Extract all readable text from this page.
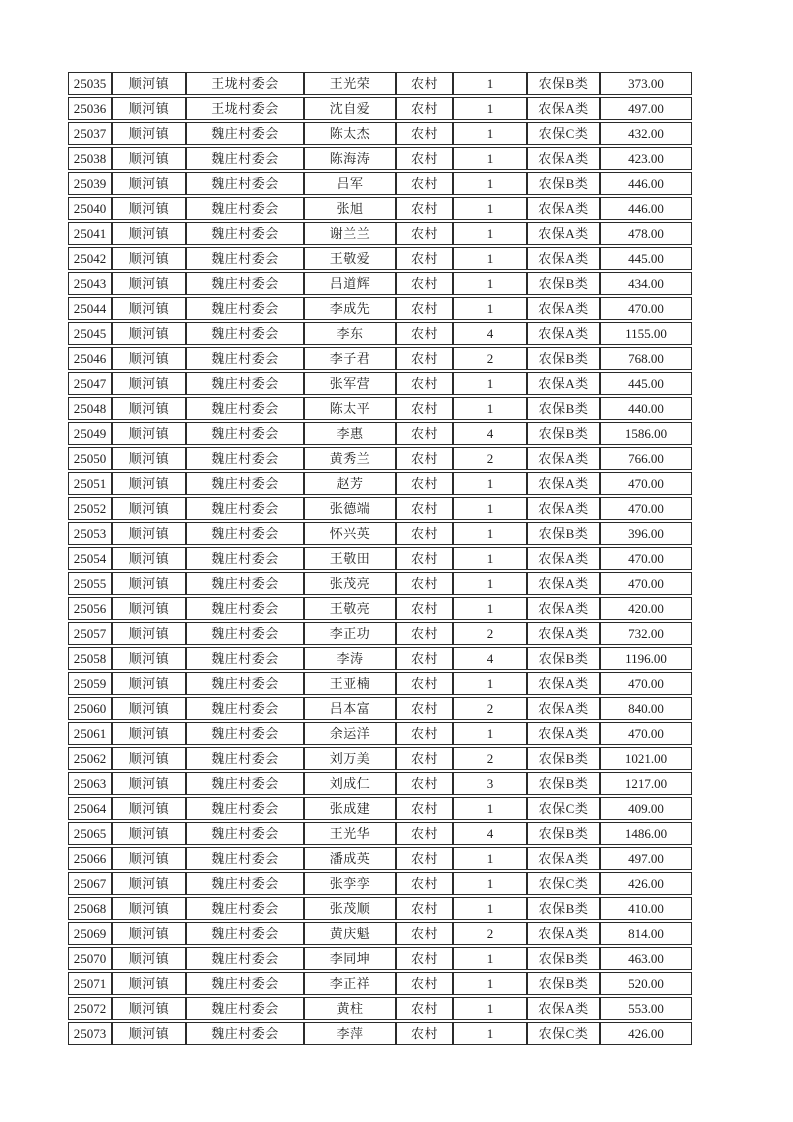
25035	顺河镇	王垅村委会	王光荣	农村	1	农保B类	373.00
25036	顺河镇	王垅村委会	沈自爱	农村	1	农保A类	497.00
25037	顺河镇	魏庄村委会	陈太杰	农村	1	农保C类	432.00
25038	顺河镇	魏庄村委会	陈海涛	农村	1	农保A类	423.00
25039	顺河镇	魏庄村委会	吕军	农村	1	农保B类	446.00
25040	顺河镇	魏庄村委会	张旭	农村	1	农保A类	446.00
25041	顺河镇	魏庄村委会	谢兰兰	农村	1	农保A类	478.00
25042	顺河镇	魏庄村委会	王敬爱	农村	1	农保A类	445.00
25043	顺河镇	魏庄村委会	吕道辉	农村	1	农保B类	434.00
25044	顺河镇	魏庄村委会	李成先	农村	1	农保A类	470.00
25045	顺河镇	魏庄村委会	李东	农村	4	农保A类	1155.00
25046	顺河镇	魏庄村委会	李子君	农村	2	农保B类	768.00
25047	顺河镇	魏庄村委会	张军营	农村	1	农保A类	445.00
25048	顺河镇	魏庄村委会	陈太平	农村	1	农保B类	440.00
25049	顺河镇	魏庄村委会	李惠	农村	4	农保B类	1586.00
25050	顺河镇	魏庄村委会	黄秀兰	农村	2	农保A类	766.00
25051	顺河镇	魏庄村委会	赵芳	农村	1	农保A类	470.00
25052	顺河镇	魏庄村委会	张德端	农村	1	农保A类	470.00
25053	顺河镇	魏庄村委会	怀兴英	农村	1	农保B类	396.00
25054	顺河镇	魏庄村委会	王敬田	农村	1	农保A类	470.00
25055	顺河镇	魏庄村委会	张茂亮	农村	1	农保A类	470.00
25056	顺河镇	魏庄村委会	王敬亮	农村	1	农保A类	420.00
25057	顺河镇	魏庄村委会	李正功	农村	2	农保A类	732.00
25058	顺河镇	魏庄村委会	李涛	农村	4	农保B类	1196.00
25059	顺河镇	魏庄村委会	王亚楠	农村	1	农保A类	470.00
25060	顺河镇	魏庄村委会	吕本富	农村	2	农保A类	840.00
25061	顺河镇	魏庄村委会	余运洋	农村	1	农保A类	470.00
25062	顺河镇	魏庄村委会	刘万美	农村	2	农保B类	1021.00
25063	顺河镇	魏庄村委会	刘成仁	农村	3	农保B类	1217.00
25064	顺河镇	魏庄村委会	张成建	农村	1	农保C类	409.00
25065	顺河镇	魏庄村委会	王光华	农村	4	农保B类	1486.00
25066	顺河镇	魏庄村委会	潘成英	农村	1	农保A类	497.00
25067	顺河镇	魏庄村委会	张孪孪	农村	1	农保C类	426.00
25068	顺河镇	魏庄村委会	张茂顺	农村	1	农保B类	410.00
25069	顺河镇	魏庄村委会	黄庆魁	农村	2	农保A类	814.00
25070	顺河镇	魏庄村委会	李同坤	农村	1	农保B类	463.00
25071	顺河镇	魏庄村委会	李正祥	农村	1	农保B类	520.00
25072	顺河镇	魏庄村委会	黄柱	农村	1	农保A类	553.00
25073	顺河镇	魏庄村委会	李萍	农村	1	农保C类	426.00
